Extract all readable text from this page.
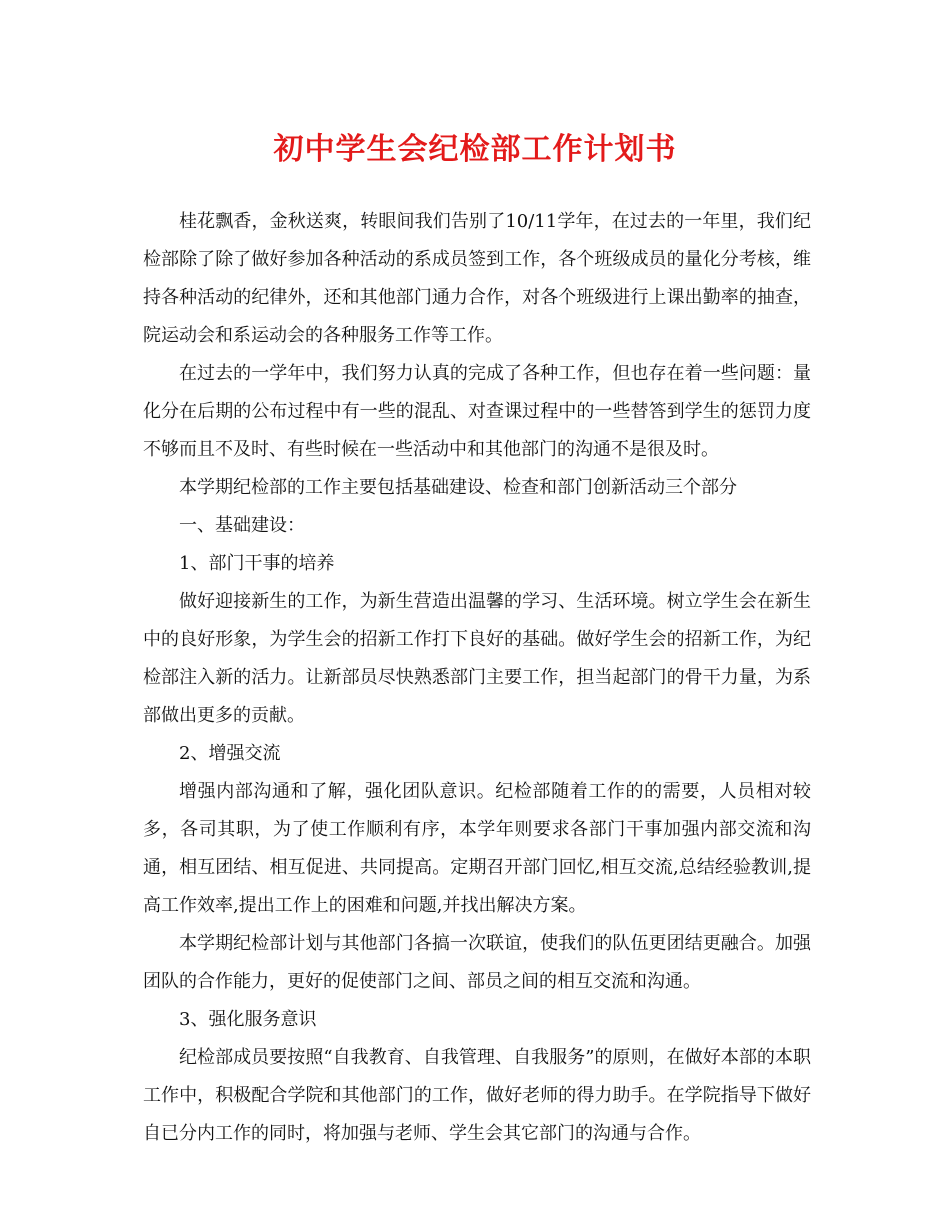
初中学生会纪检部工作计划书

桂花飘香，金秋送爽，转眼间我们告别了10/11学年，在过去的一年里，我们纪检部除了除了做好参加各种活动的系成员签到工作，各个班级成员的量化分考核，维持各种活动的纪律外，还和其他部门通力合作，对各个班级进行上课出勤率的抽查，院运动会和系运动会的各种服务工作等工作。

在过去的一学年中，我们努力认真的完成了各种工作，但也存在着一些问题：量化分在后期的公布过程中有一些的混乱、对查课过程中的一些替答到学生的惩罚力度不够而且不及时、有些时候在一些活动中和其他部门的沟通不是很及时。

本学期纪检部的工作主要包括基础建设、检查和部门创新活动三个部分

一、基础建设：

1、部门干事的培养

做好迎接新生的工作，为新生营造出温馨的学习、生活环境。树立学生会在新生中的良好形象，为学生会的招新工作打下良好的基础。做好学生会的招新工作，为纪检部注入新的活力。让新部员尽快熟悉部门主要工作，担当起部门的骨干力量，为系部做出更多的贡献。

2、增强交流

增强内部沟通和了解，强化团队意识。纪检部随着工作的的需要，人员相对较多，各司其职，为了使工作顺利有序，本学年则要求各部门干事加强内部交流和沟通，相互团结、相互促进、共同提高。定期召开部门回忆,相互交流,总结经验教训,提高工作效率,提出工作上的困难和问题,并找出解决方案。

本学期纪检部计划与其他部门各搞一次联谊，使我们的队伍更团结更融合。加强团队的合作能力，更好的促使部门之间、部员之间的相互交流和沟通。

3、强化服务意识

纪检部成员要按照“自我教育、自我管理、自我服务”的原则，在做好本部的本职工作中，积极配合学院和其他部门的工作，做好老师的得力助手。在学院指导下做好自已分内工作的同时，将加强与老师、学生会其它部门的沟通与合作。
